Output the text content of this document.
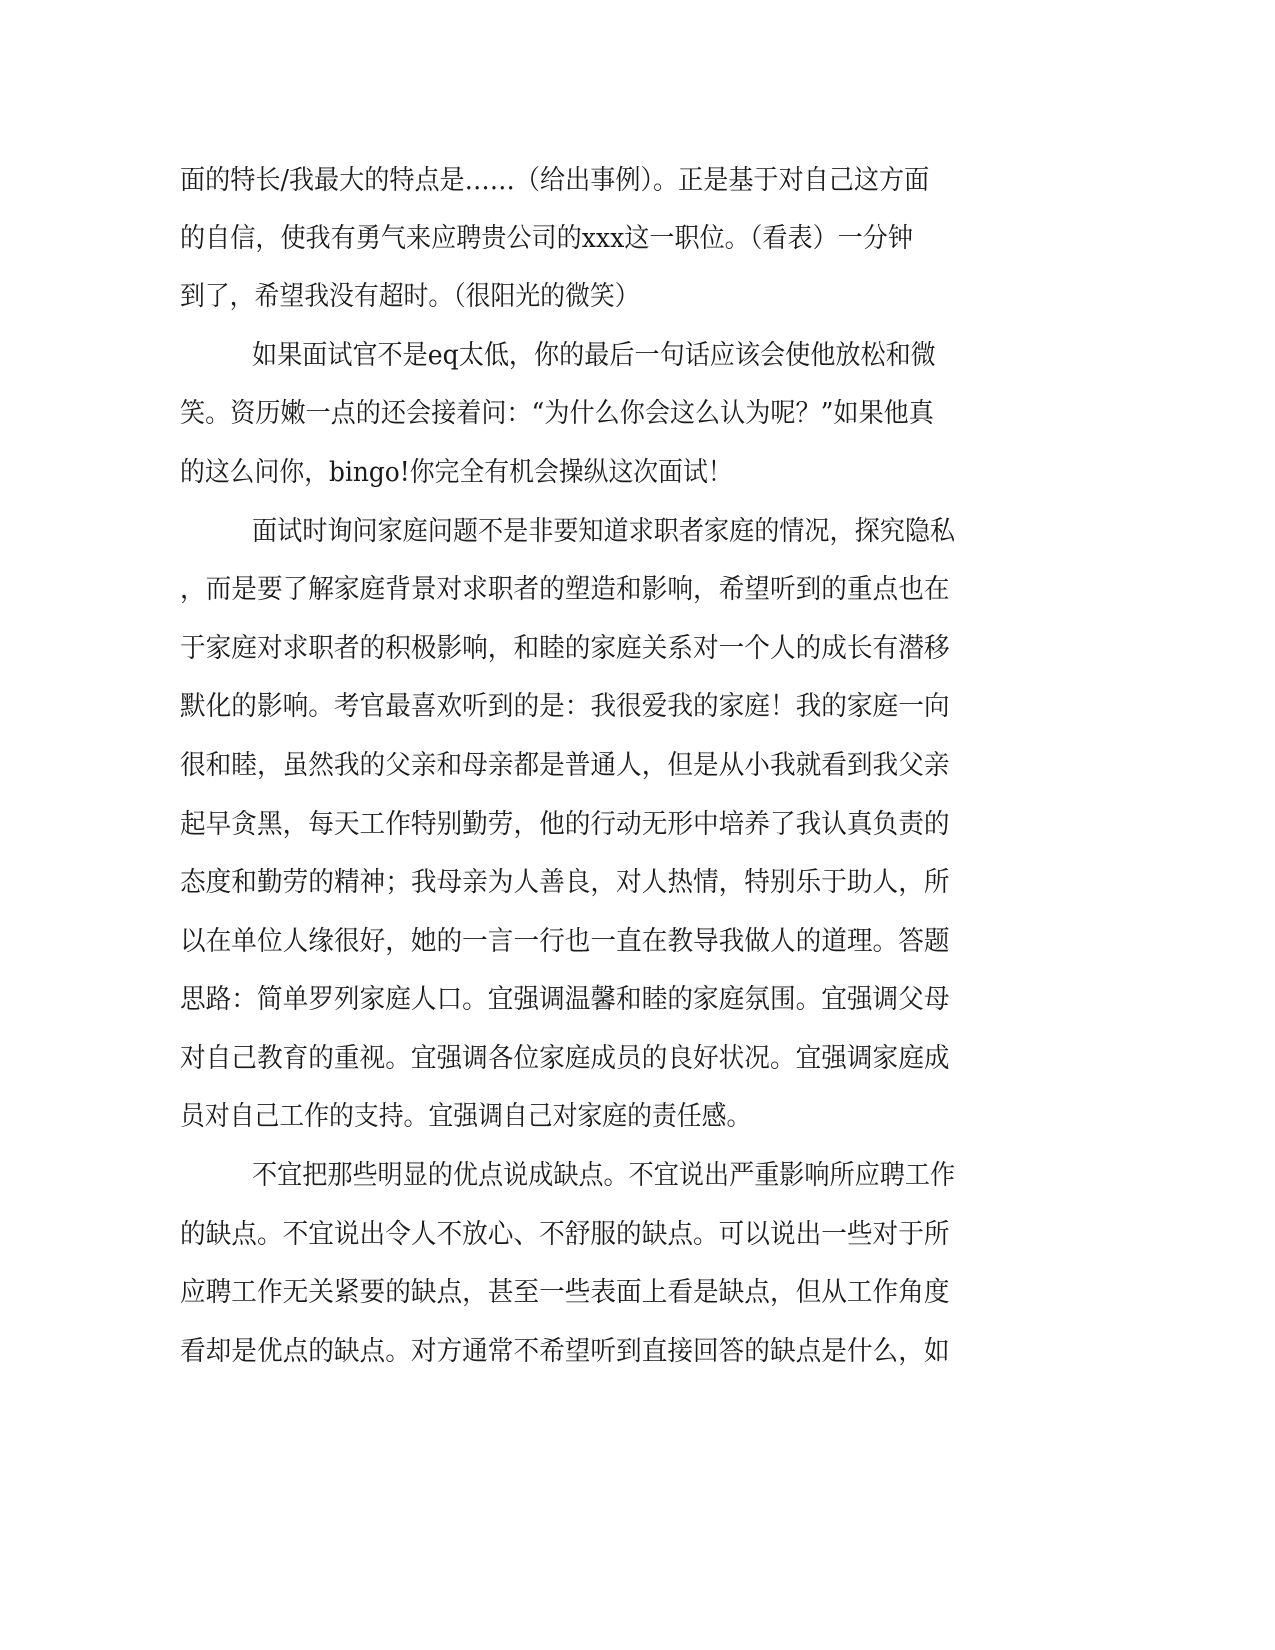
面的特长/我最大的特点是……（给出事例）。正是基于对自己这方面

的自信，使我有勇气来应聘贵公司的xxx这一职位。（看表）一分钟

到了，希望我没有超时。（很阳光的微笑）

如果面试官不是eq太低，你的最后一句话应该会使他放松和微

笑。资历嫩一点的还会接着问：“为什么你会这么认为呢？”如果他真

的这么问你，bingo!你完全有机会操纵这次面试！

面试时询问家庭问题不是非要知道求职者家庭的情况，探究隐私

，而是要了解家庭背景对求职者的塑造和影响，希望听到的重点也在

于家庭对求职者的积极影响，和睦的家庭关系对一个人的成长有潜移

默化的影响。考官最喜欢听到的是：我很爱我的家庭！我的家庭一向

很和睦，虽然我的父亲和母亲都是普通人，但是从小我就看到我父亲

起早贪黑，每天工作特别勤劳，他的行动无形中培养了我认真负责的

态度和勤劳的精神；我母亲为人善良，对人热情，特别乐于助人，所

以在单位人缘很好，她的一言一行也一直在教导我做人的道理。答题

思路：简单罗列家庭人口。宜强调温馨和睦的家庭氛围。宜强调父母

对自己教育的重视。宜强调各位家庭成员的良好状况。宜强调家庭成

员对自己工作的支持。宜强调自己对家庭的责任感。

不宜把那些明显的优点说成缺点。不宜说出严重影响所应聘工作

的缺点。不宜说出令人不放心、不舒服的缺点。可以说出一些对于所

应聘工作无关紧要的缺点，甚至一些表面上看是缺点，但从工作角度

看却是优点的缺点。对方通常不希望听到直接回答的缺点是什么，如
